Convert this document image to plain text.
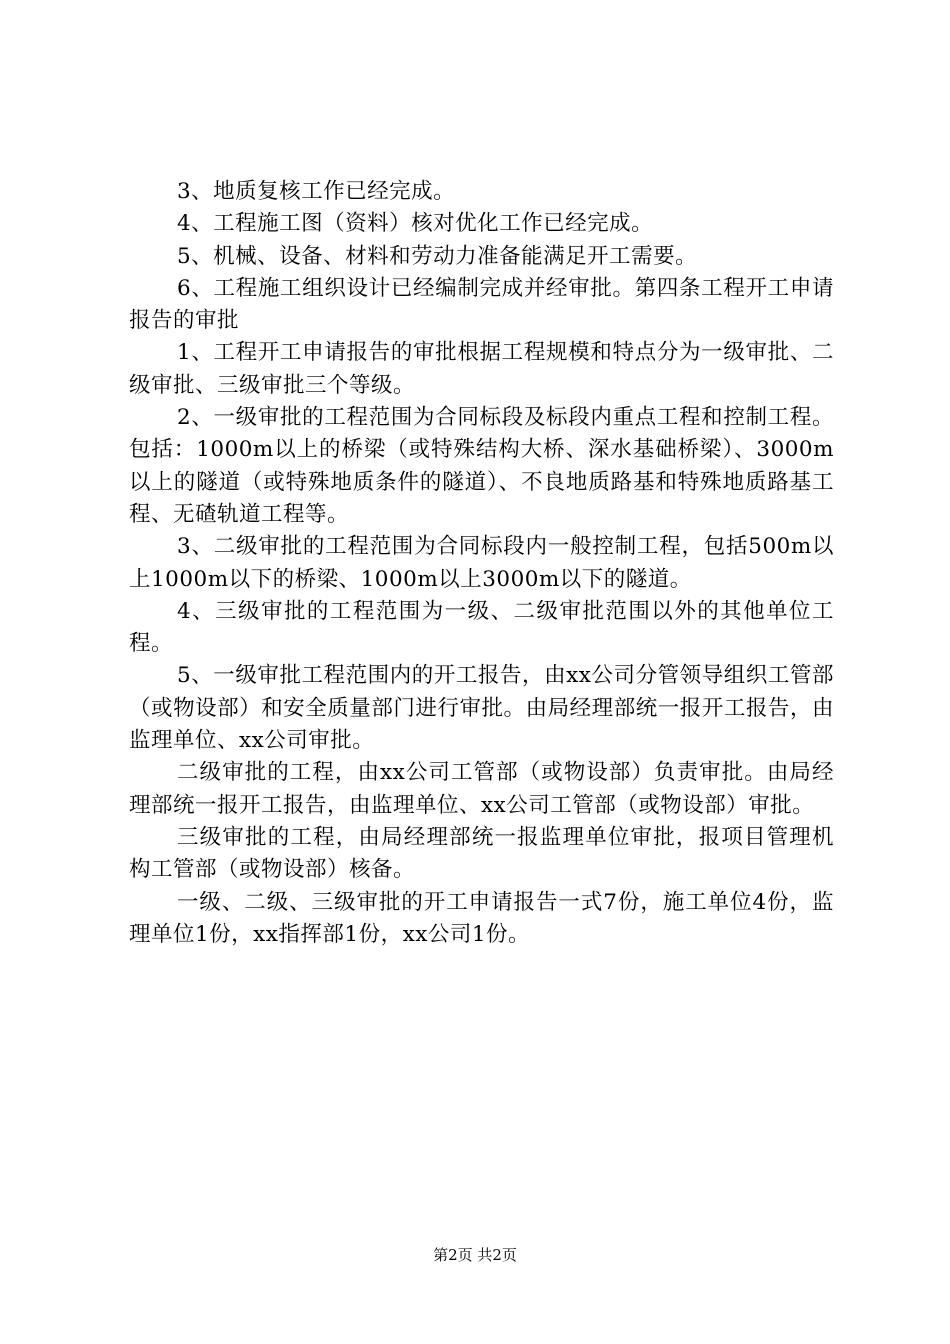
3、地质复核工作已经完成。

4、工程施工图（资料）核对优化工作已经完成。

5、机械、设备、材料和劳动力准备能满足开工需要。

6、工程施工组织设计已经编制完成并经审批。第四条工程开工申请报告的审批

1、工程开工申请报告的审批根据工程规模和特点分为一级审批、二级审批、三级审批三个等级。

2、一级审批的工程范围为合同标段及标段内重点工程和控制工程。包括：1000m以上的桥梁（或特殊结构大桥、深水基础桥梁）、3000m以上的隧道（或特殊地质条件的隧道）、不良地质路基和特殊地质路基工程、无碴轨道工程等。

3、二级审批的工程范围为合同标段内一般控制工程，包括500m以上1000m以下的桥梁、1000m以上3000m以下的隧道。

4、三级审批的工程范围为一级、二级审批范围以外的其他单位工程。

5、一级审批工程范围内的开工报告，由xx公司分管领导组织工管部（或物设部）和安全质量部门进行审批。由局经理部统一报开工报告，由监理单位、xx公司审批。

二级审批的工程，由xx公司工管部（或物设部）负责审批。由局经理部统一报开工报告，由监理单位、xx公司工管部（或物设部）审批。

三级审批的工程，由局经理部统一报监理单位审批，报项目管理机构工管部（或物设部）核备。

一级、二级、三级审批的开工申请报告一式7份，施工单位4份，监理单位1份，xx指挥部1份，xx公司1份。

第2页 共2页
